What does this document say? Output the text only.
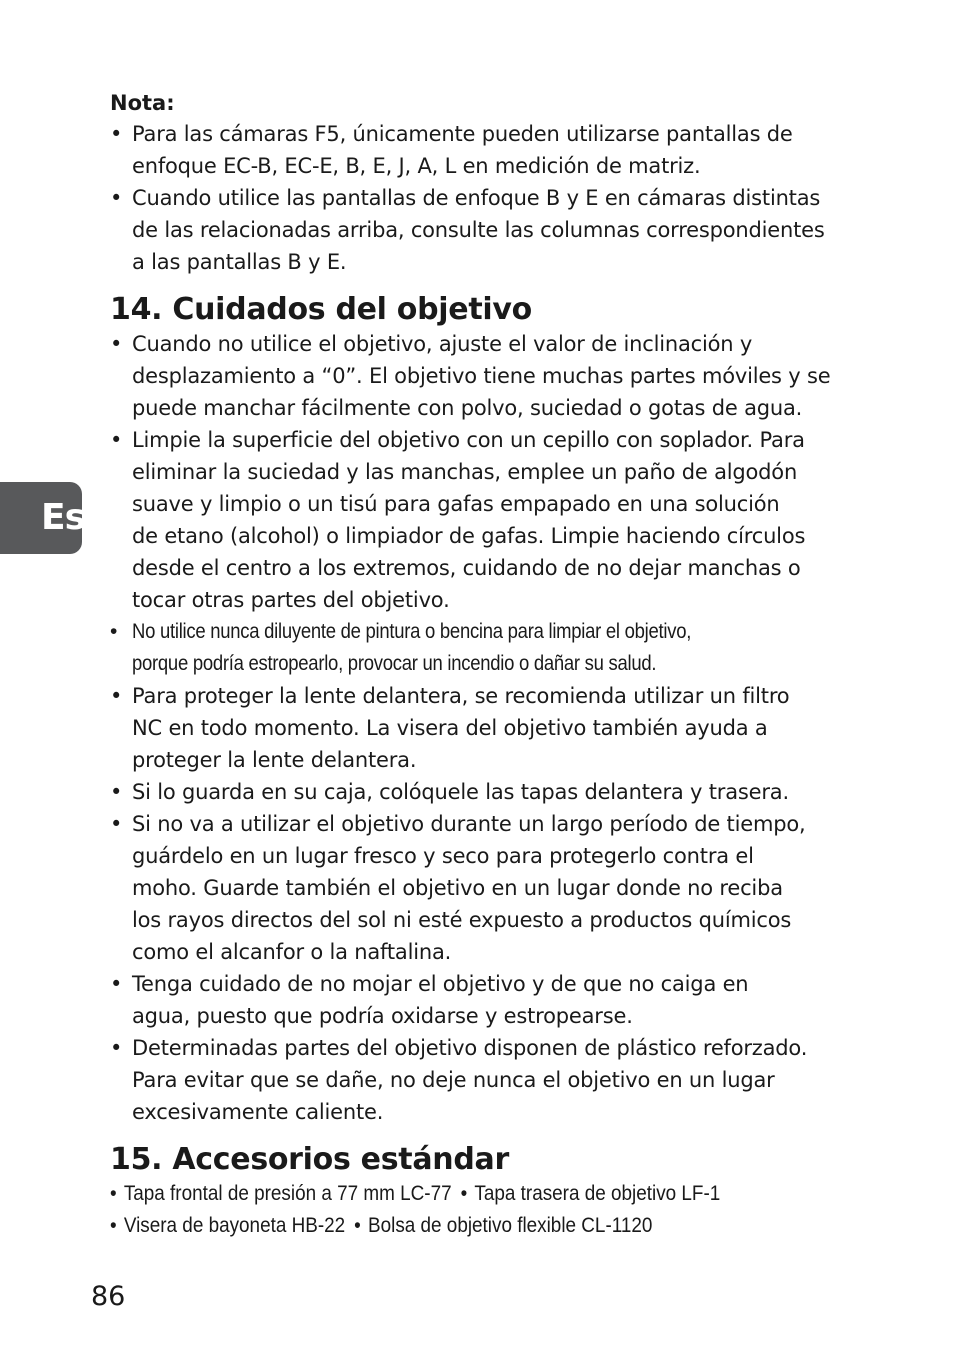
Es

Nota:

• Para las cámaras F5, únicamente pueden utilizarse pantallas de
enfoque EC-B, EC-E, B, E, J, A, L en medición de matriz.
• Cuando utilice las pantallas de enfoque B y E en cámaras distintas
de las relacionadas arriba, consulte las columnas correspondientes
a las pantallas B y E.
14. Cuidados del objetivo
• Cuando no utilice el objetivo, ajuste el valor de inclinación y
desplazamiento a “0”. El objetivo tiene muchas partes móviles y se
puede manchar fácilmente con polvo, suciedad o gotas de agua.
• Limpie la superficie del objetivo con un cepillo con soplador. Para
eliminar la suciedad y las manchas, emplee un paño de algodón
suave y limpio o un tisú para gafas empapado en una solución
de etano (alcohol) o limpiador de gafas. Limpie haciendo círculos
desde el centro a los extremos, cuidando de no dejar manchas o
tocar otras partes del objetivo.
• No utilice nunca diluyente de pintura o bencina para limpiar el objetivo,
porque podría estropearlo, provocar un incendio o dañar su salud.
• Para proteger la lente delantera, se recomienda utilizar un filtro
NC en todo momento. La visera del objetivo también ayuda a
proteger la lente delantera.
• Si lo guarda en su caja, colóquele las tapas delantera y trasera.
• Si no va a utilizar el objetivo durante un largo período de tiempo,
guárdelo en un lugar fresco y seco para protegerlo contra el
moho. Guarde también el objetivo en un lugar donde no reciba
los rayos directos del sol ni esté expuesto a productos químicos
como el alcanfor o la naftalina.
• Tenga cuidado de no mojar el objetivo y de que no caiga en
agua, puesto que podría oxidarse y estropearse.
• Determinadas partes del objetivo disponen de plástico reforzado.
Para evitar que se dañe, no deje nunca el objetivo en un lugar
excesivamente caliente.
15. Accesorios estándar
• Tapa frontal de presión a 77 mm LC-77 • Tapa trasera de objetivo LF-1
• Visera de bayoneta HB-22 • Bolsa de objetivo flexible CL-1120
86
